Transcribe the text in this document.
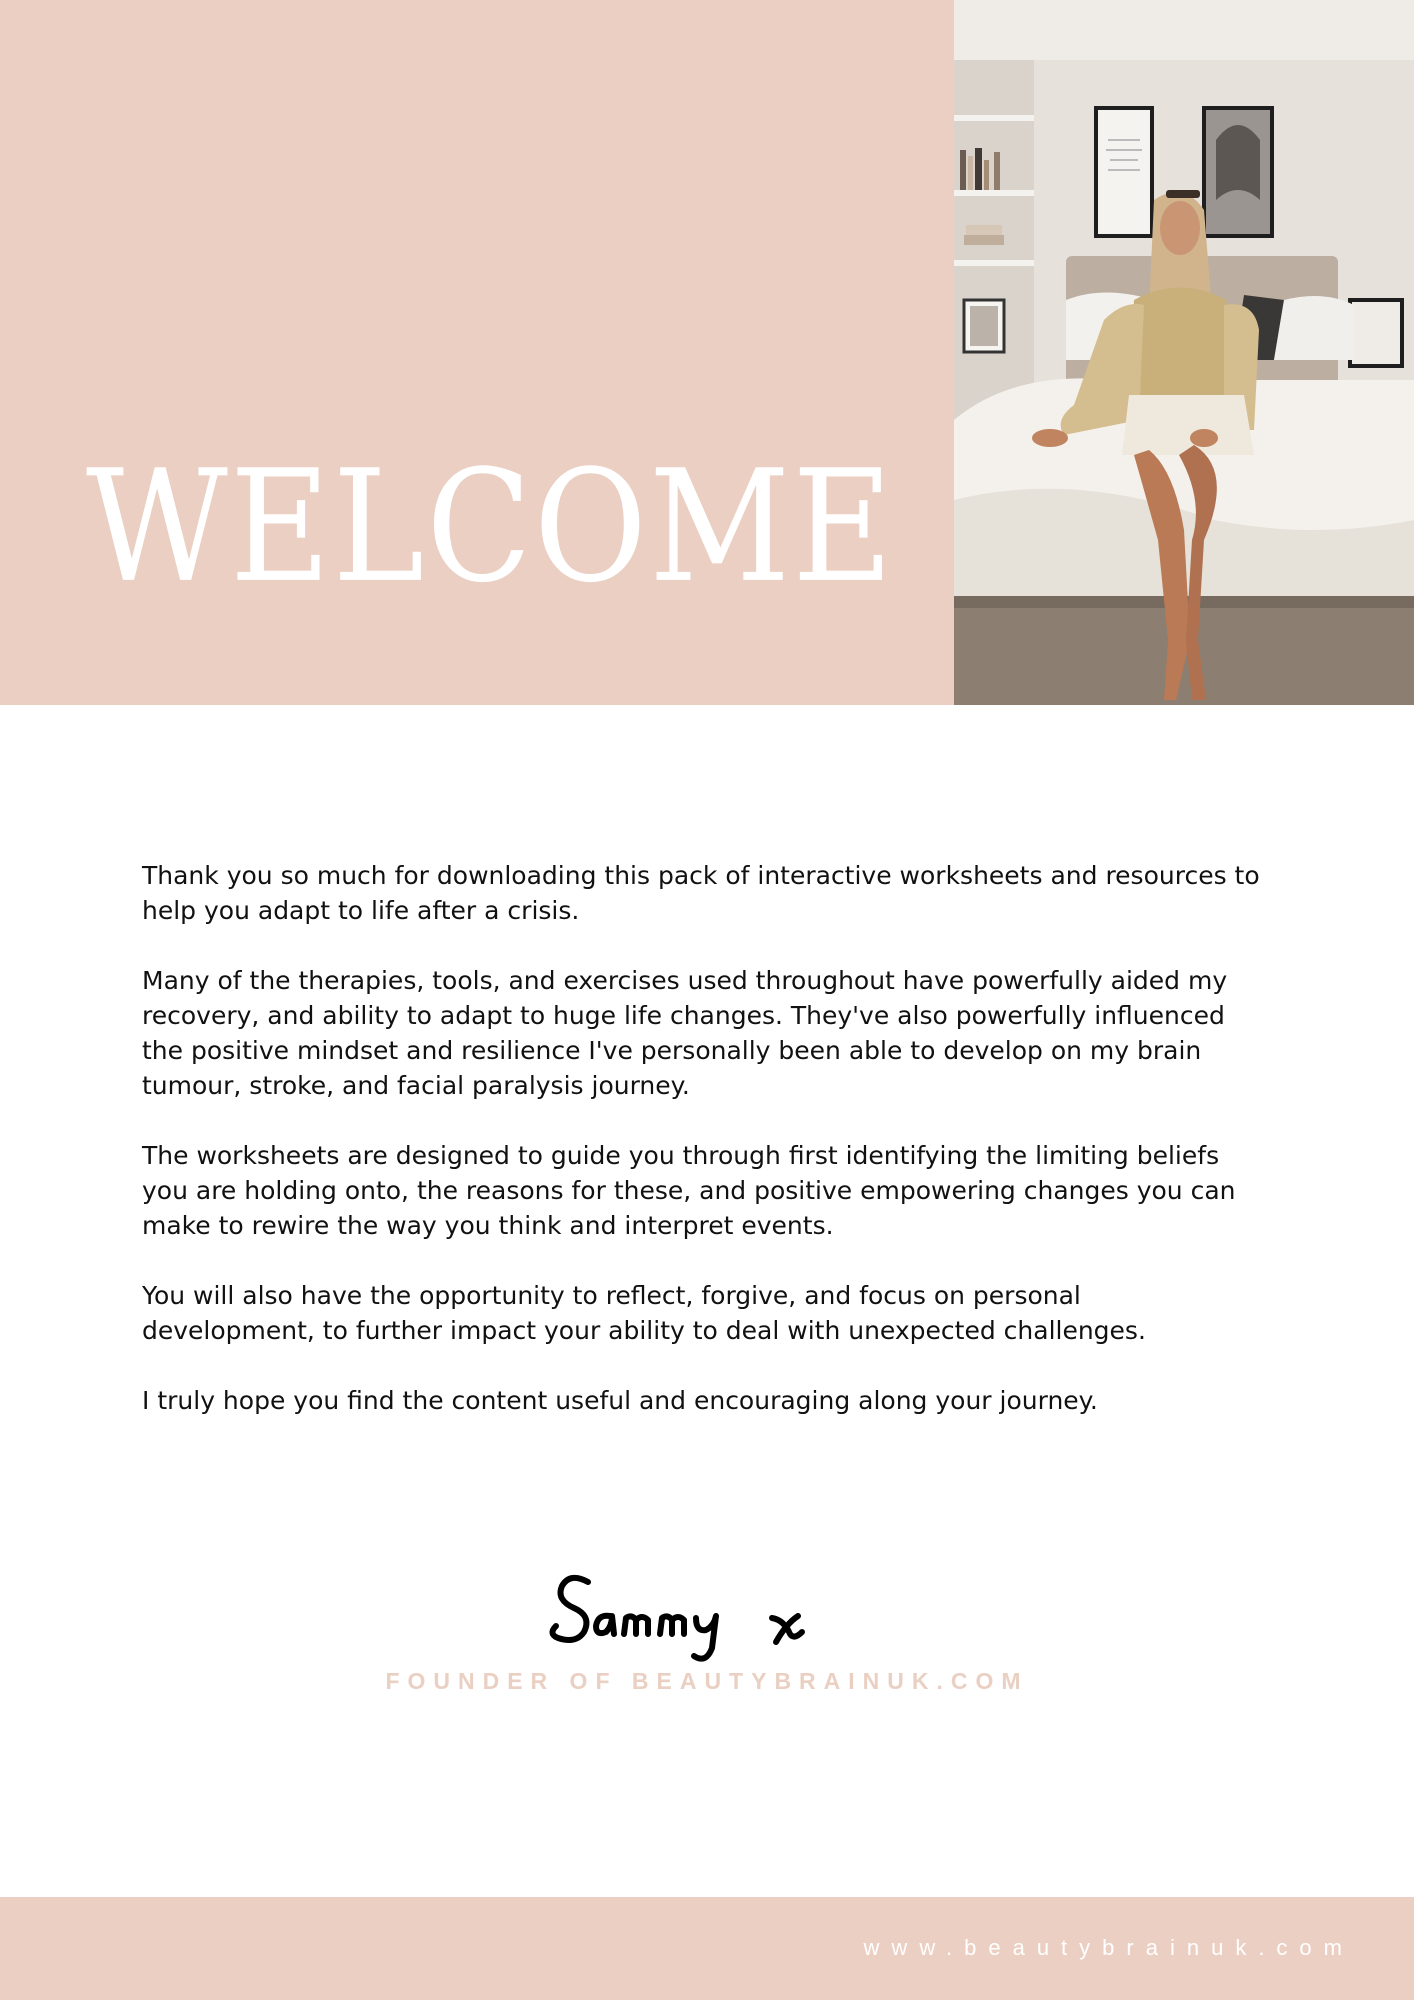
WELCOME

Thank you so much for downloading this pack of interactive worksheets and resources to
help you adapt to life after a crisis.

Many of the therapies, tools, and exercises used throughout have powerfully aided my
recovery, and ability to adapt to huge life changes. They've also powerfully influenced
the positive mindset and resilience I've personally been able to develop on my brain
tumour, stroke, and facial paralysis journey.

The worksheets are designed to guide you through first identifying the limiting beliefs
you are holding onto, the reasons for these, and positive empowering changes you can
make to rewire the way you think and interpret events.

You will also have the opportunity to reflect, forgive, and focus on personal
development, to further impact your ability to deal with unexpected challenges.

I truly hope you find the content useful and encouraging along your journey.

FOUNDER OF BEAUTYBRAINUK.COM
www.beautybrainuk.com
